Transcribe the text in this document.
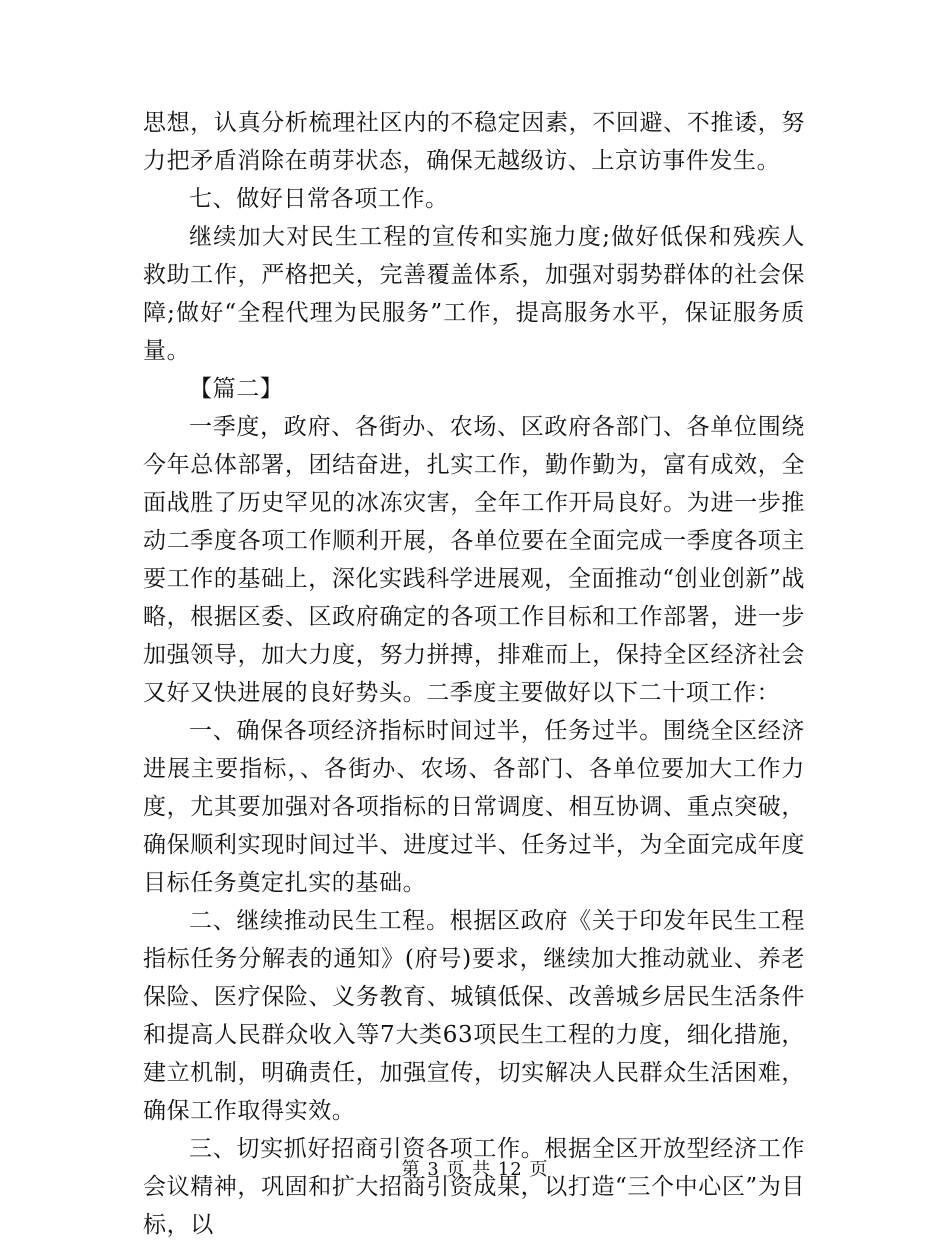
思想，认真分析梳理社区内的不稳定因素，不回避、不推诿，努力把矛盾消除在萌芽状态，确保无越级访、上京访事件发生。

七、做好日常各项工作。

继续加大对民生工程的宣传和实施力度;做好低保和残疾人救助工作，严格把关，完善覆盖体系，加强对弱势群体的社会保障;做好“全程代理为民服务”工作，提高服务水平，保证服务质量。

【篇二】

一季度，政府、各街办、农场、区政府各部门、各单位围绕今年总体部署，团结奋进，扎实工作，勤作勤为，富有成效，全面战胜了历史罕见的冰冻灾害，全年工作开局良好。为进一步推动二季度各项工作顺利开展，各单位要在全面完成一季度各项主要工作的基础上，深化实践科学进展观，全面推动“创业创新”战略，根据区委、区政府确定的各项工作目标和工作部署，进一步加强领导，加大力度，努力拼搏，排难而上，保持全区经济社会又好又快进展的良好势头。二季度主要做好以下二十项工作：

一、确保各项经济指标时间过半，任务过半。围绕全区经济进展主要指标，、各街办、农场、各部门、各单位要加大工作力度，尤其要加强对各项指标的日常调度、相互协调、重点突破，确保顺利实现时间过半、进度过半、任务过半，为全面完成年度目标任务奠定扎实的基础。

二、继续推动民生工程。根据区政府《关于印发年民生工程指标任务分解表的通知》(府号)要求，继续加大推动就业、养老保险、医疗保险、义务教育、城镇低保、改善城乡居民生活条件和提高人民群众收入等7大类63项民生工程的力度，细化措施，建立机制，明确责任，加强宣传，切实解决人民群众生活困难，确保工作取得实效。

三、切实抓好招商引资各项工作。根据全区开放型经济工作会议精神，巩固和扩大招商引资成果，以打造“三个中心区”为目标，以

第 3 页 共 12 页
